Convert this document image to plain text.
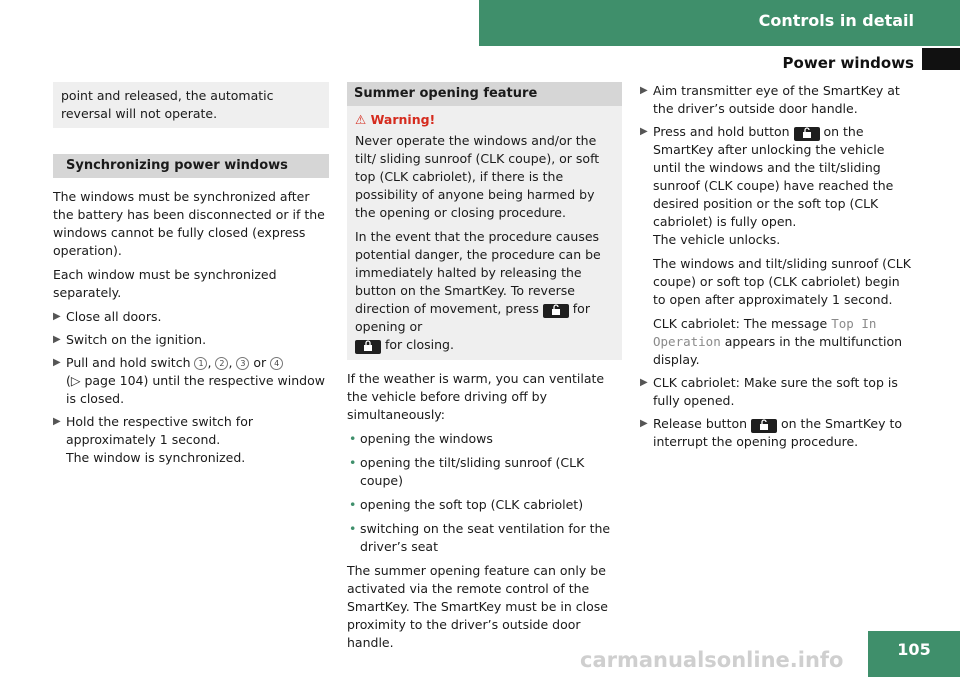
Controls in detail
Power windows
point and released, the automatic reversal will not operate.
Synchronizing power windows

The windows must be synchronized after the battery has been disconnected or if the windows cannot be fully closed (express operation).

Each window must be synchronized separately.

▶ Close all doors.
▶ Switch on the ignition.
▶ Pull and hold switch 1 , 2 , 3 or 4
(▷ page 104) until the respective window is closed.
▶ Hold the respective switch for approximately 1 second.
The window is synchronized.
Summer opening feature
⚠ Warning!

Never operate the windows and/or the tilt/ sliding sunroof (CLK coupe), or soft top (CLK cabriolet), if there is the possibility of anyone being harmed by the opening or closing procedure.

In the event that the procedure causes potential danger, the procedure can be immediately halted by releasing the button on the SmartKey. To reverse direction of movement, press  for opening or
for closing.

If the weather is warm, you can ventilate the vehicle before driving off by simultaneously:

• opening the windows
• opening the tilt/sliding sunroof (CLK coupe)
• opening the soft top (CLK cabriolet)
• switching on the seat ventilation for the driver’s seat

The summer opening feature can only be activated via the remote control of the SmartKey. The SmartKey must be in close proximity to the driver’s outside door handle.

▶ Aim transmitter eye of the SmartKey at the driver’s outside door handle.
▶ Press and hold button  on the SmartKey after unlocking the vehicle until the windows and the tilt/sliding sunroof (CLK coupe) have reached the desired position or the soft top (CLK cabriolet) is fully open.
The vehicle unlocks.

The windows and tilt/sliding sunroof (CLK coupe) or soft top (CLK cabriolet) begin to open after approximately 1 second.

CLK cabriolet: The message Top In Operation appears in the multifunction display.

▶ CLK cabriolet: Make sure the soft top is fully opened.
▶ Release button  on the SmartKey to interrupt the opening procedure.
105
carmanualsonline.info
